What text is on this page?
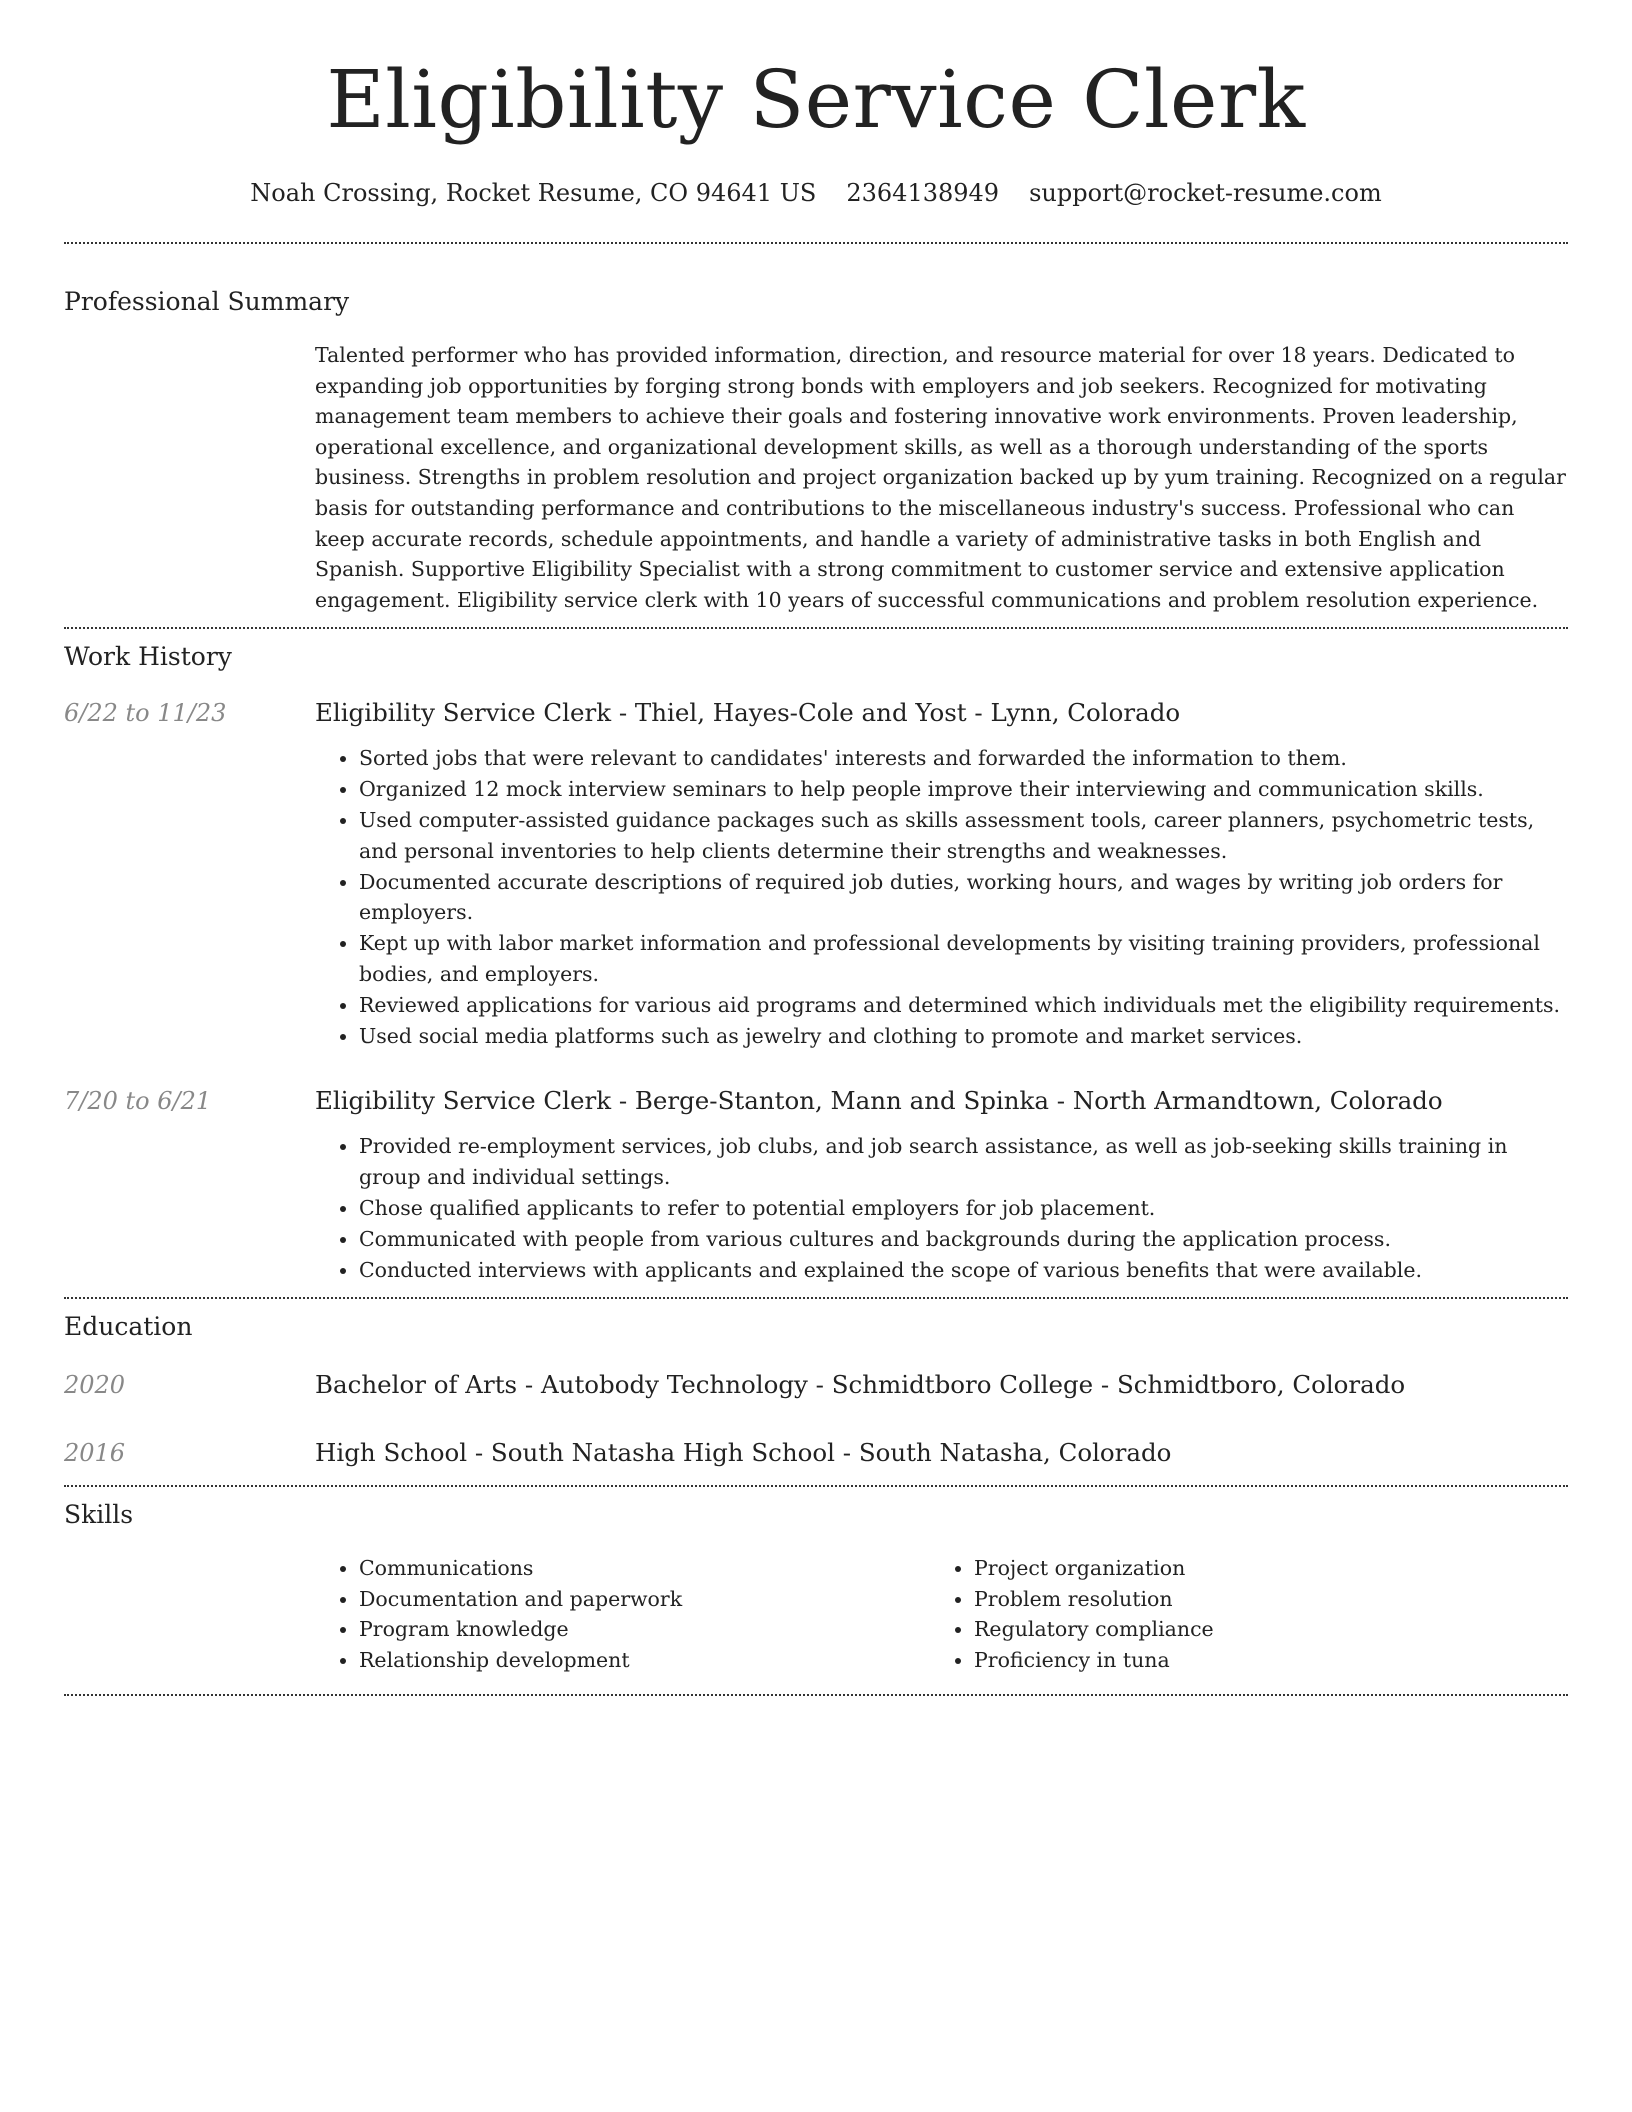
Eligibility Service Clerk
Noah Crossing, Rocket Resume, CO 94641 US 2364138949 support@rocket-resume.com
Professional Summary
Talented performer who has provided information, direction, and resource material for over 18 years. Dedicated to expanding job opportunities by forging strong bonds with employers and job seekers. Recognized for motivating management team members to achieve their goals and fostering innovative work environments. Proven leadership, operational excellence, and organizational development skills, as well as a thorough understanding of the sports business. Strengths in problem resolution and project organization backed up by yum training. Recognized on a regular basis for outstanding performance and contributions to the miscellaneous industry's success. Professional who can keep accurate records, schedule appointments, and handle a variety of administrative tasks in both English and Spanish. Supportive Eligibility Specialist with a strong commitment to customer service and extensive application engagement. Eligibility service clerk with 10 years of successful communications and problem resolution experience.
Work History
6/22 to 11/23	Eligibility Service Clerk - Thiel, Hayes-Cole and Yost - Lynn, Colorado
• Sorted jobs that were relevant to candidates' interests and forwarded the information to them.
• Organized 12 mock interview seminars to help people improve their interviewing and communication skills.
• Used computer-assisted guidance packages such as skills assessment tools, career planners, psychometric tests, and personal inventories to help clients determine their strengths and weaknesses.
• Documented accurate descriptions of required job duties, working hours, and wages by writing job orders for employers.
• Kept up with labor market information and professional developments by visiting training providers, professional bodies, and employers.
• Reviewed applications for various aid programs and determined which individuals met the eligibility requirements.
• Used social media platforms such as jewelry and clothing to promote and market services.
7/20 to 6/21	Eligibility Service Clerk - Berge-Stanton, Mann and Spinka - North Armandtown, Colorado
• Provided re-employment services, job clubs, and job search assistance, as well as job-seeking skills training in group and individual settings.
• Chose qualified applicants to refer to potential employers for job placement.
• Communicated with people from various cultures and backgrounds during the application process.
• Conducted interviews with applicants and explained the scope of various benefits that were available.
Education
2020	Bachelor of Arts - Autobody Technology - Schmidtboro College - Schmidtboro, Colorado
2016	High School - South Natasha High School - South Natasha, Colorado
Skills
• Communications
• Documentation and paperwork
• Program knowledge
• Relationship development
• Project organization
• Problem resolution
• Regulatory compliance
• Proficiency in tuna
